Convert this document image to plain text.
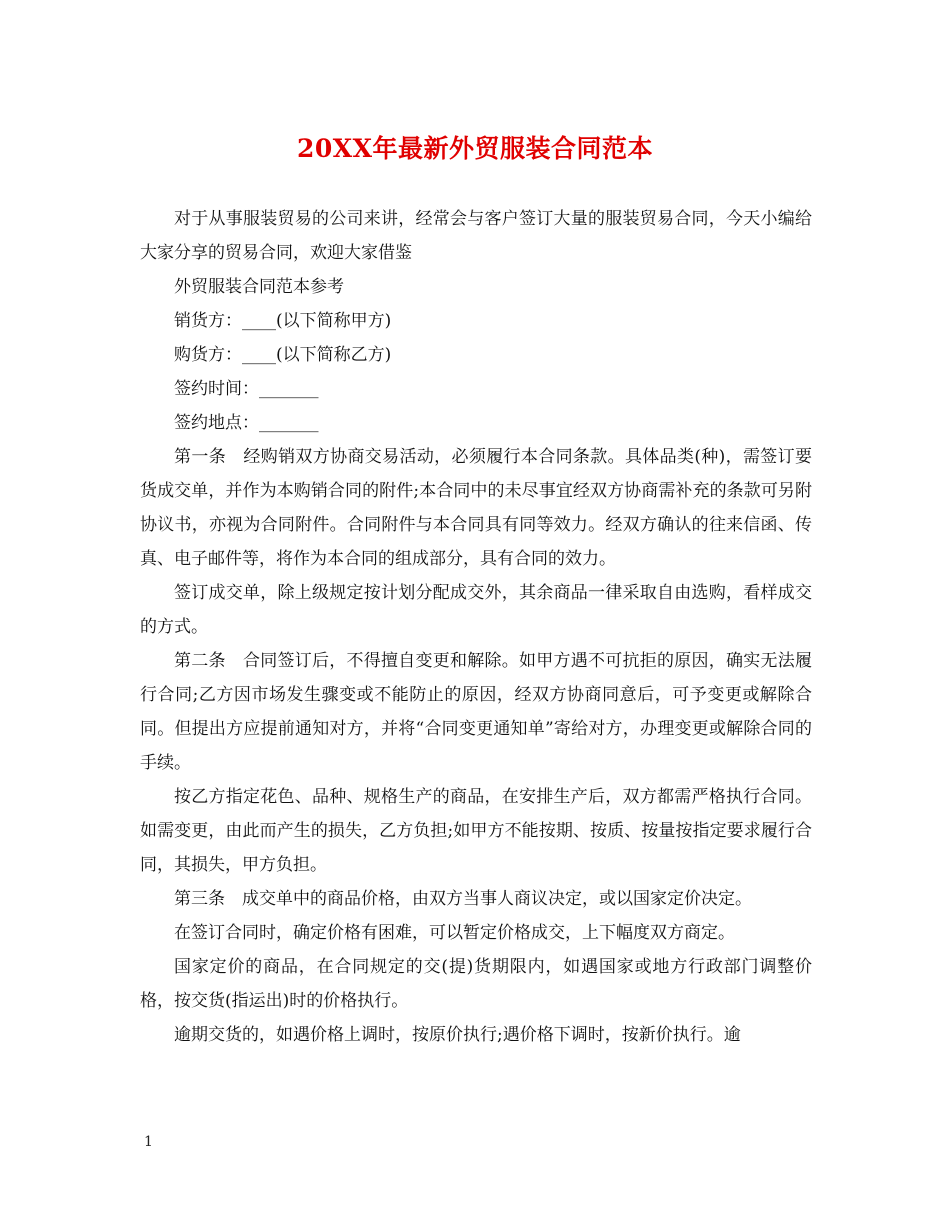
20XX年最新外贸服装合同范本

对于从事服装贸易的公司来讲，经常会与客户签订大量的服装贸易合同，今天小编给大家分享的贸易合同，欢迎大家借鉴

外贸服装合同范本参考

销货方：____(以下简称甲方)

购货方：____(以下简称乙方)

签约时间：_______

签约地点：_______

第一条　经购销双方协商交易活动，必须履行本合同条款。具体品类(种)，需签订要货成交单，并作为本购销合同的附件;本合同中的未尽事宜经双方协商需补充的条款可另附协议书，亦视为合同附件。合同附件与本合同具有同等效力。经双方确认的往来信函、传真、电子邮件等，将作为本合同的组成部分，具有合同的效力。

签订成交单，除上级规定按计划分配成交外，其余商品一律采取自由选购，看样成交的方式。

第二条　合同签订后，不得擅自变更和解除。如甲方遇不可抗拒的原因，确实无法履行合同;乙方因市场发生骤变或不能防止的原因，经双方协商同意后，可予变更或解除合同。但提出方应提前通知对方，并将“合同变更通知单”寄给对方，办理变更或解除合同的手续。

按乙方指定花色、品种、规格生产的商品，在安排生产后，双方都需严格执行合同。如需变更，由此而产生的损失，乙方负担;如甲方不能按期、按质、按量按指定要求履行合同，其损失，甲方负担。

第三条　成交单中的商品价格，由双方当事人商议决定，或以国家定价决定。

在签订合同时，确定价格有困难，可以暂定价格成交，上下幅度双方商定。

国家定价的商品，在合同规定的交(提)货期限内，如遇国家或地方行政部门调整价格，按交货(指运出)时的价格执行。

逾期交货的，如遇价格上调时，按原价执行;遇价格下调时，按新价执行。逾

1
